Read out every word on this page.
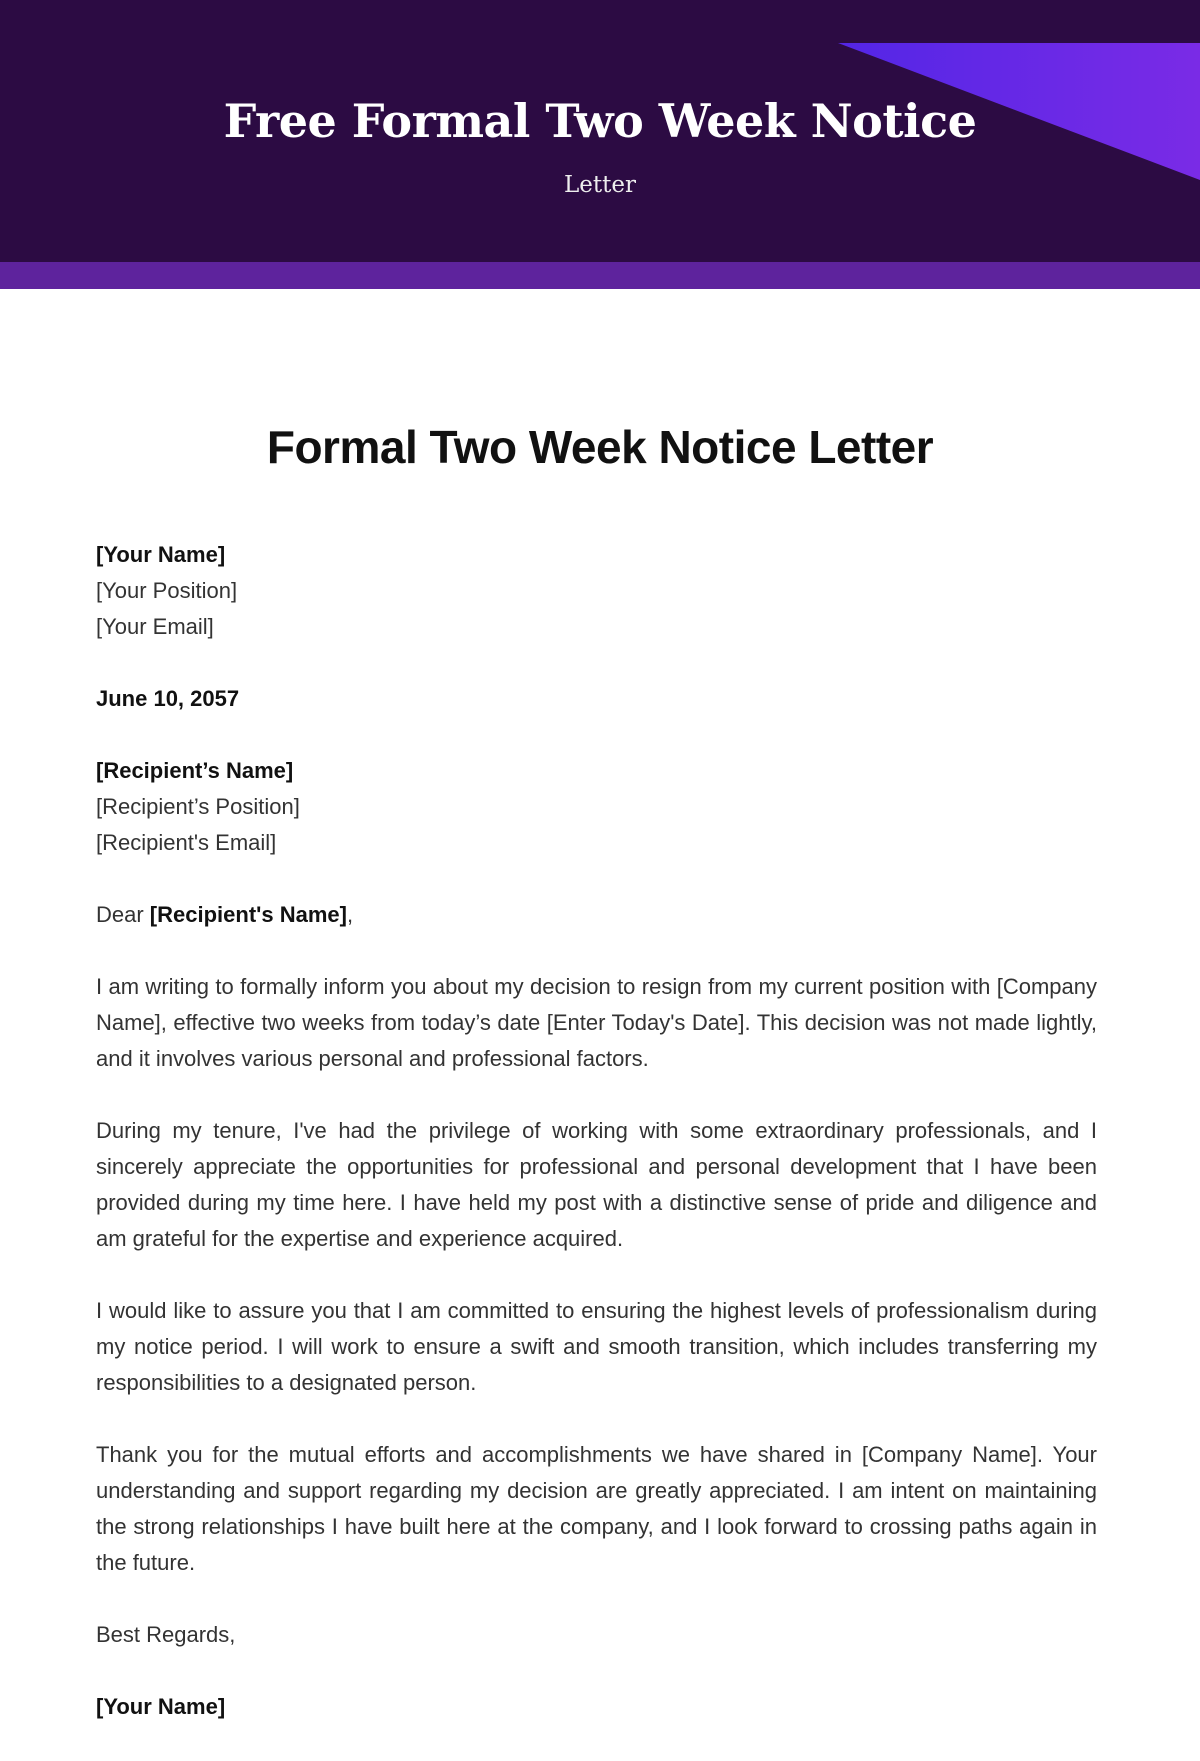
Free Formal Two Week Notice
Letter
Formal Two Week Notice Letter
[Your Name]
[Your Position]
[Your Email]
June 10, 2057
[Recipient’s Name]
[Recipient’s Position]
[Recipient's Email]
Dear [Recipient's Name],

I am writing to formally inform you about my decision to resign from my current position with [Company Name], effective two weeks from today’s date [Enter Today's Date]. This decision was not made lightly, and it involves various personal and professional factors.

During my tenure, I've had the privilege of working with some extraordinary professionals, and I sincerely appreciate the opportunities for professional and personal development that I have been provided during my time here. I have held my post with a distinctive sense of pride and diligence and am grateful for the expertise and experience acquired.

I would like to assure you that I am committed to ensuring the highest levels of professionalism during my notice period. I will work to ensure a swift and smooth transition, which includes transferring my responsibilities to a designated person.

Thank you for the mutual efforts and accomplishments we have shared in [Company Name]. Your understanding and support regarding my decision are greatly appreciated. I am intent on maintaining the strong relationships I have built here at the company, and I look forward to crossing paths again in the future.

Best Regards,
[Your Name]
